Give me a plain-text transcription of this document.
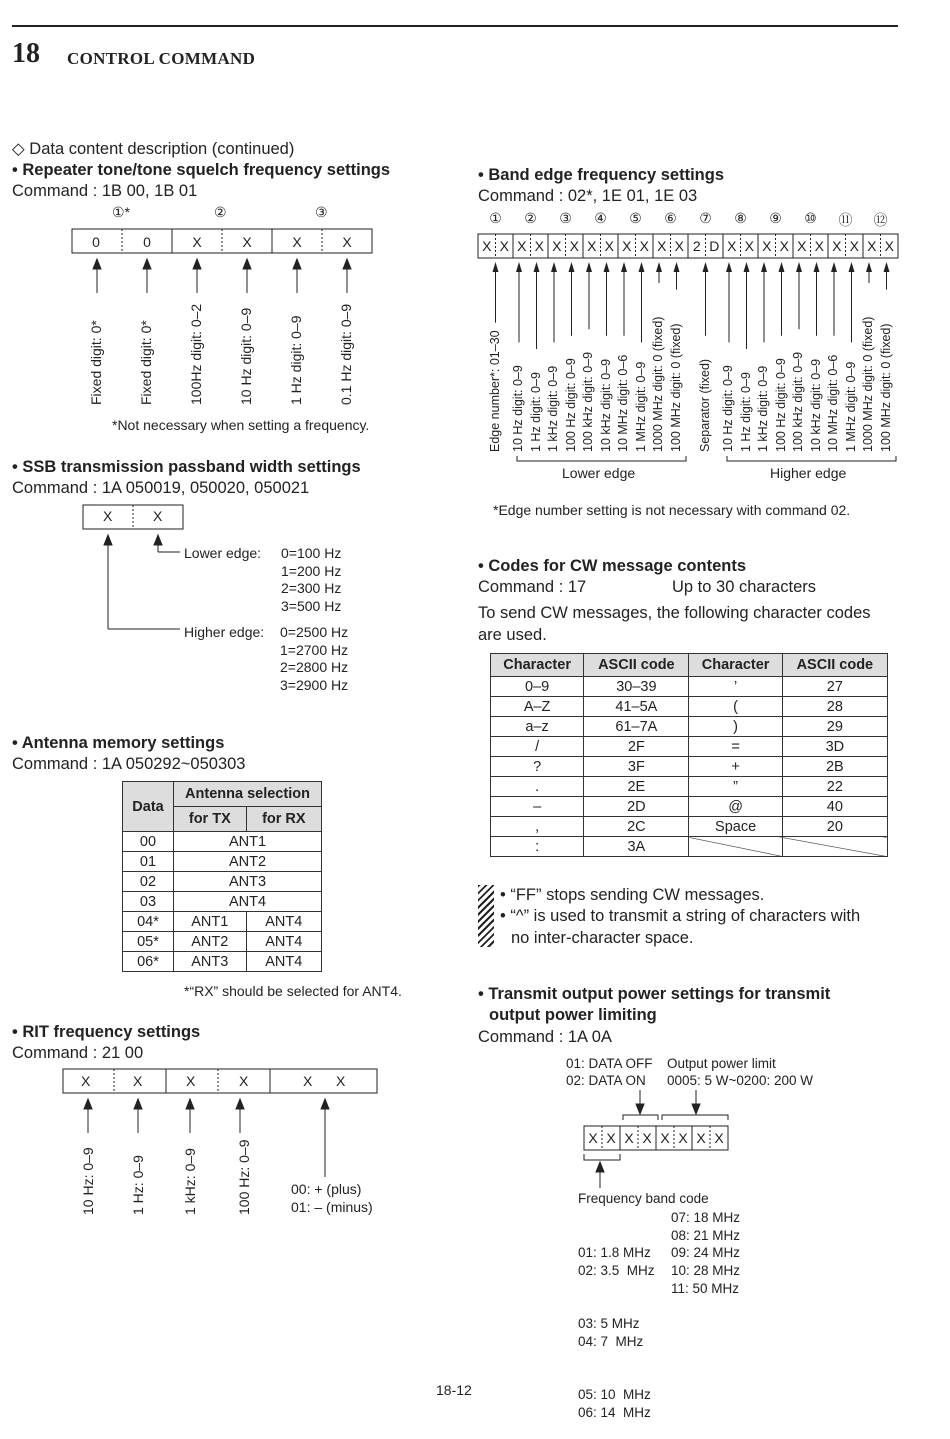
18 CONTROL COMMAND
◇ Data content description (continued)
• Repeater tone/tone squelch frequency settings
Command : 1B 00, 1B 01
①*	②	③
0	0	X	X	X	X
Fixed digit: 0* Fixed digit: 0* 100Hz digit: 0–2 10 Hz digit: 0–9 1 Hz digit: 0–9 0.1 Hz digit: 0–9
*Not necessary when setting a frequency.
• SSB transmission passband width settings
Command : 1A 050019, 050020, 050021
X	X
Lower edge: 0=100 Hz
1=200 Hz
2=300 Hz
3=500 Hz
Higher edge: 0=2500 Hz
1=2700 Hz
2=2800 Hz
3=2900 Hz
• Antenna memory settings
Command : 1A 050292~050303
Data	Antenna selection	
	for TX	for RX
00	ANT1	
01	ANT2	
02	ANT3	
03	ANT4	
04*	ANT1	ANT4
05*	ANT2	ANT4
06*	ANT3	ANT4
*“RX” should be selected for ANT4.
• RIT frequency settings
Command : 21 00
X	X	X	X	X X
10 Hz: 0–9 1 Hz: 0–9	1 kHz: 0–9	100 Hz: 0–9	00: + (plus)
01: – (minus)
• Band edge frequency settings
Command : 02*, 1E 01, 1E 03
①	②	③	④	⑤	⑥	⑦	⑧	⑨	⑩	⑪	⑫
X X X X X X X X X X X X 2 D X X X X X X X X X X
Edge number*: 01–30 10 Hz digit: 0–9 1 Hz digit: 0–9 1 kHz digit: 0–9 100 Hz digit: 0–9 100 kHz digit: 0–9 10 kHz digit: 0–9 10 MHz digit: 0–6 1 MHz digit: 0–9 1000 MHz digit: 0 (fixed) 100 MHz digit: 0 (fixed) Separator (fixed) 10 Hz digit: 0–9 1 Hz digit: 0–9 1 kHz digit: 0–9 100 Hz digit: 0–9 100 kHz digit: 0–9 10 kHz digit: 0–9 10 MHz digit: 0–6 1 MHz digit: 0–9 1000 MHz digit: 0 (fixed) 100 MHz digit: 0 (fixed)
Lower edge	Higher edge
*Edge number setting is not necessary with command 02.
• Codes for CW message contents
Command : 17	Up to 30 characters
To send CW messages, the following character codes
are used.
Character	ASCII code	Character	ASCII code
0–9	30–39	’	27
A–Z	41–5A	(	28
a–z	61–7A	)	29
/	2F	=	3D
?	3F	+	2B
.	2E	”	22
–	2D	@	40
,	2C	Space	20
:	3A		
• “FF” stops sending CW messages.
• “^” is used to transmit a string of characters with
no inter-character space.
• Transmit output power settings for transmit
output power limiting
Command : 1A 0A
01: DATA OFF
02: DATA ON
Output power limit
0005: 5 W~0200: 200 W
X X X X X X X X
Frequency band code

01: 1.8 MHz
02: 3.5  MHz

03: 5 MHz
04: 7  MHz

05: 10  MHz
06: 14  MHz

07: 18 MHz
08: 21 MHz
09: 24 MHz
10: 28 MHz
11: 50 MHz
18-12
